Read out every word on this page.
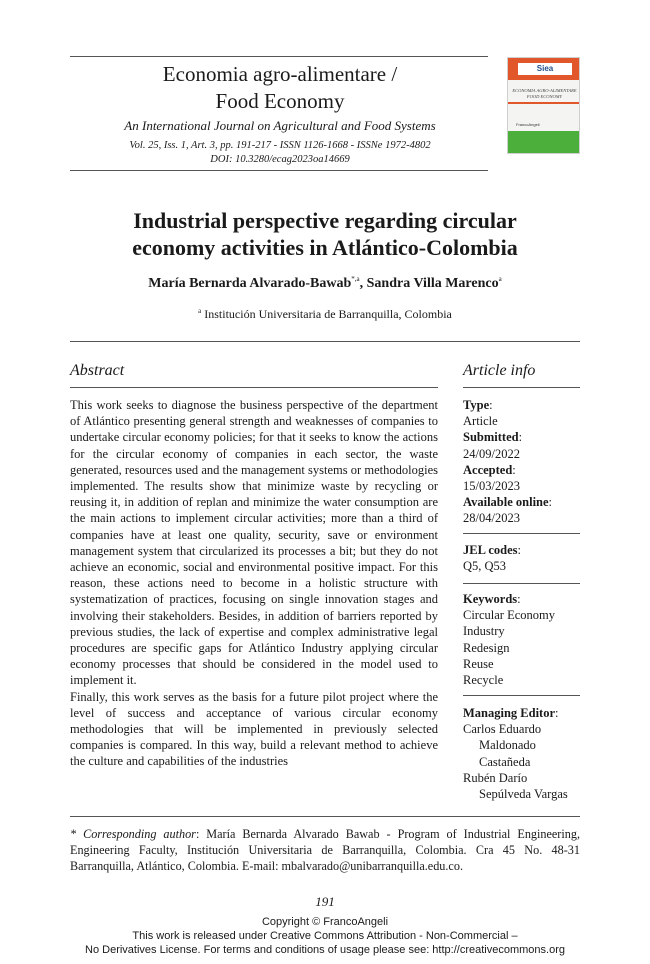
Economia agro-alimentare /
Food Economy
An International Journal on Agricultural and Food Systems
Vol. 25, Iss. 1, Art. 3, pp. 191-217 - ISSN 1126-1668 - ISSNe 1972-4802
DOI: 10.3280/ecag2023oa14669
Siea
ECONOMIA AGRO-ALIMENTARE FOOD ECONOMY
FrancoAngeli
Industrial perspective regarding circular
economy activities in Atlántico-Colombia
María Bernarda Alvarado-Bawab$^{*,a}$, Sandra Villa Marenco$^a$
$^a$ Institución Universitaria de Barranquilla, Colombia
Abstract

This work seeks to diagnose the business perspective of the department of Atlántico presenting general strength and weaknesses of companies to undertake circular economy policies; for that it seeks to know the actions for the circular economy of companies in each sector, the waste generated, resources used and the management systems or methodologies implemented. The results show that minimize waste by recycling or reusing it, in addition of replan and minimize the water consumption are the main actions to implement circular activities; more than a third of companies have at least one quality, security, save or environment management system that circularized its processes a bit; but they do not achieve an economic, social and environmental positive impact. For this reason, these actions need to become in a holistic structure with systematization of practices, focusing on single innovation stages and involving their stakeholders. Besides, in addition of barriers reported by previous studies, the lack of expertise and complex administrative legal procedures are specific gaps for Atlántico Industry applying circular economy processes that should be considered in the model used to implement it.

Finally, this work serves as the basis for a future pilot project where the level of success and acceptance of various circular economy methodologies that will be implemented in previously selected companies is compared. In this way, build a relevant method to achieve the culture and capabilities of the industries

Article info
Type:
Article
Submitted:
24/09/2022
Accepted:
15/03/2023
Available online:
28/04/2023
JEL codes:
Q5, Q53
Keywords:
Circular Economy
Industry
Redesign
Reuse
Recycle
Managing Editor:
Carlos Eduardo
Maldonado
Castañeda
Rubén Darío
Sepúlveda Vargas
* Corresponding author: María Bernarda Alvarado Bawab - Program of Industrial Engineering, Engineering Faculty, Institución Universitaria de Barranquilla, Colombia. Cra 45 No. 48-31 Barranquilla, Atlántico, Colombia. E-mail: mbalvarado@unibarranquilla.edu.co.
191
Copyright © FrancoAngeli
This work is released under Creative Commons Attribution - Non-Commercial –
No Derivatives License. For terms and conditions of usage please see: http://creativecommons.org
